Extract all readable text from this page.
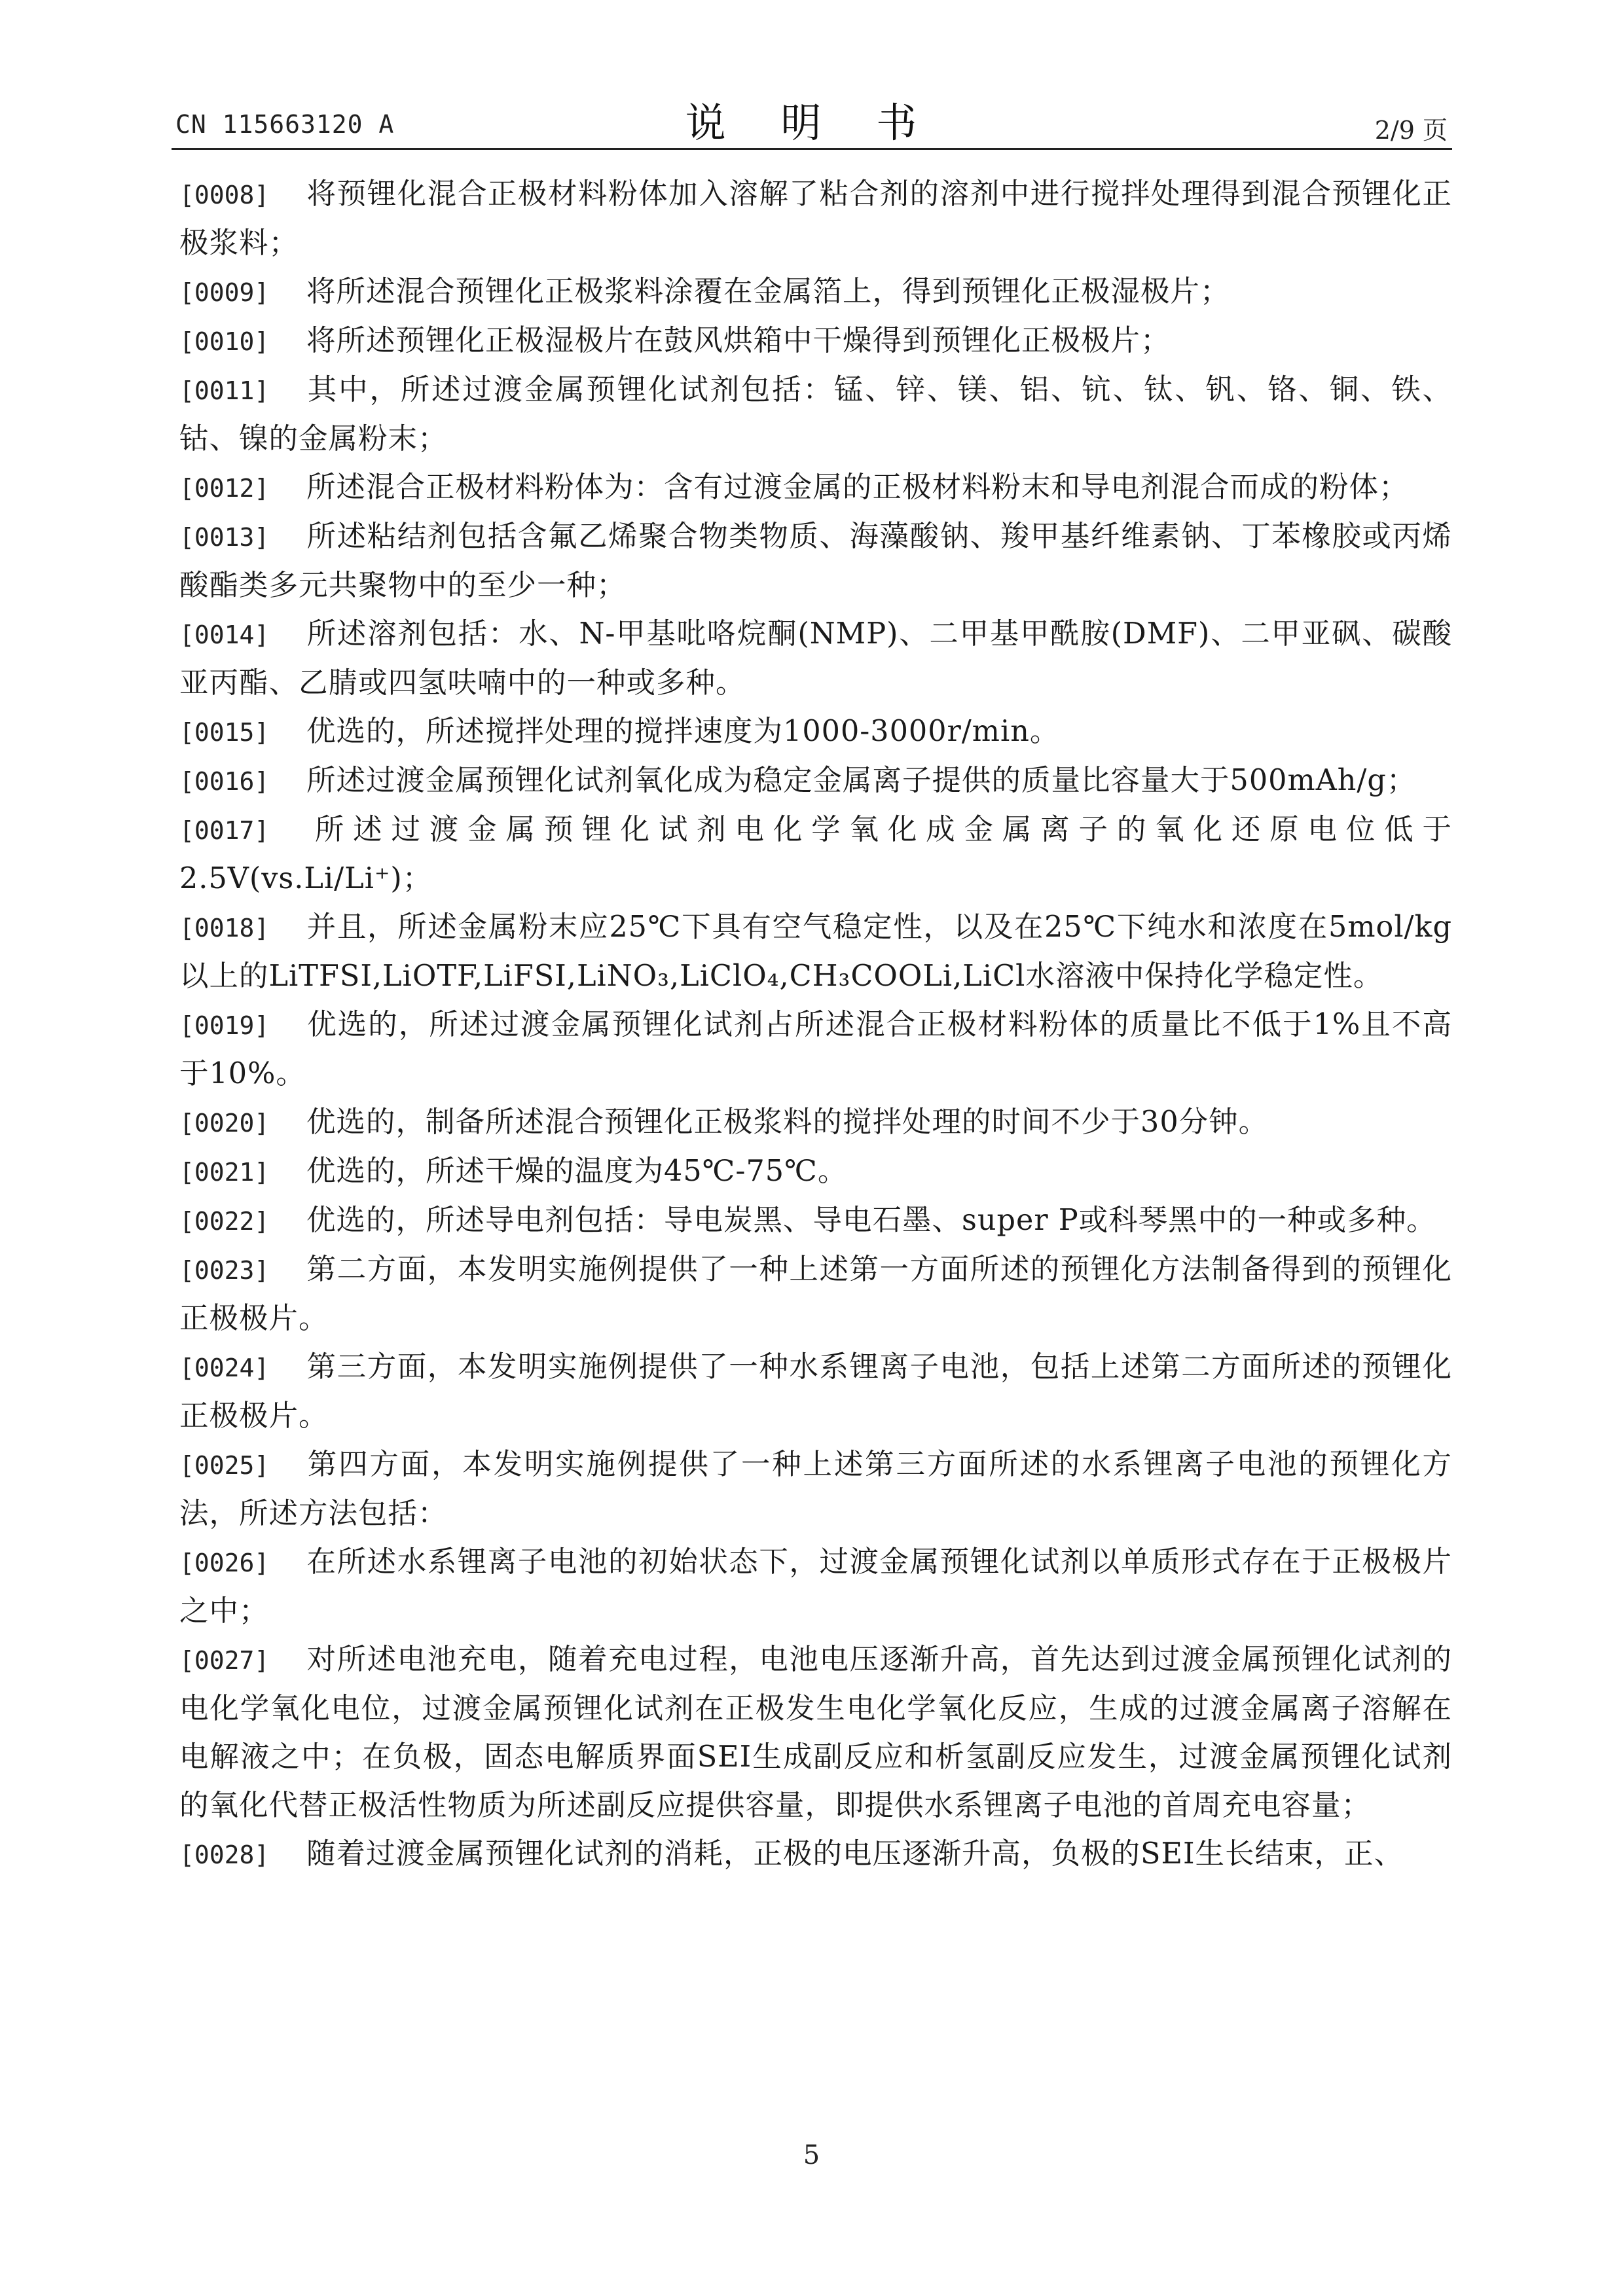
CN 115663120 A	说 明 书	2/9 页

[0008] 将预锂化混合正极材料粉体加入溶解了粘合剂的溶剂中进行搅拌处理得到混合预锂化正极浆料；

[0009] 将所述混合预锂化正极浆料涂覆在金属箔上，得到预锂化正极湿极片；

[0010] 将所述预锂化正极湿极片在鼓风烘箱中干燥得到预锂化正极极片；

[0011] 其中，所述过渡金属预锂化试剂包括：锰、锌、镁、铝、钪、钛、钒、铬、铜、铁、钴、镍的金属粉末；

[0012] 所述混合正极材料粉体为：含有过渡金属的正极材料粉末和导电剂混合而成的粉体；

[0013] 所述粘结剂包括含氟乙烯聚合物类物质、海藻酸钠、羧甲基纤维素钠、丁苯橡胶或丙烯酸酯类多元共聚物中的至少一种；

[0014] 所述溶剂包括：水、N-甲基吡咯烷酮(NMP)、二甲基甲酰胺(DMF)、二甲亚砜、碳酸亚丙酯、乙腈或四氢呋喃中的一种或多种。

[0015] 优选的，所述搅拌处理的搅拌速度为1000-3000r/min。

[0016] 所述过渡金属预锂化试剂氧化成为稳定金属离子提供的质量比容量大于500mAh/g；

[0017] 所述过渡金属预锂化试剂电化学氧化成金属离子的氧化还原电位低于2.5V(vs.Li/Li⁺)；

[0018] 并且，所述金属粉末应25℃下具有空气稳定性，以及在25℃下纯水和浓度在5mol/kg以上的LiTFSI,LiOTF,LiFSI,LiNO₃,LiClO₄,CH₃COOLi,LiCl水溶液中保持化学稳定性。

[0019] 优选的，所述过渡金属预锂化试剂占所述混合正极材料粉体的质量比不低于1%且不高于10%。

[0020] 优选的，制备所述混合预锂化正极浆料的搅拌处理的时间不少于30分钟。

[0021] 优选的，所述干燥的温度为45℃-75℃。

[0022] 优选的，所述导电剂包括：导电炭黑、导电石墨、super P或科琴黑中的一种或多种。

[0023] 第二方面，本发明实施例提供了一种上述第一方面所述的预锂化方法制备得到的预锂化正极极片。

[0024] 第三方面，本发明实施例提供了一种水系锂离子电池，包括上述第二方面所述的预锂化正极极片。

[0025] 第四方面，本发明实施例提供了一种上述第三方面所述的水系锂离子电池的预锂化方法，所述方法包括：

[0026] 在所述水系锂离子电池的初始状态下，过渡金属预锂化试剂以单质形式存在于正极极片之中；

[0027] 对所述电池充电，随着充电过程，电池电压逐渐升高，首先达到过渡金属预锂化试剂的电化学氧化电位，过渡金属预锂化试剂在正极发生电化学氧化反应，生成的过渡金属离子溶解在电解液之中；在负极，固态电解质界面SEI生成副反应和析氢副反应发生，过渡金属预锂化试剂的氧化代替正极活性物质为所述副反应提供容量，即提供水系锂离子电池的首周充电容量；

[0028] 随着过渡金属预锂化试剂的消耗，正极的电压逐渐升高，负极的SEI生长结束，正、

5
